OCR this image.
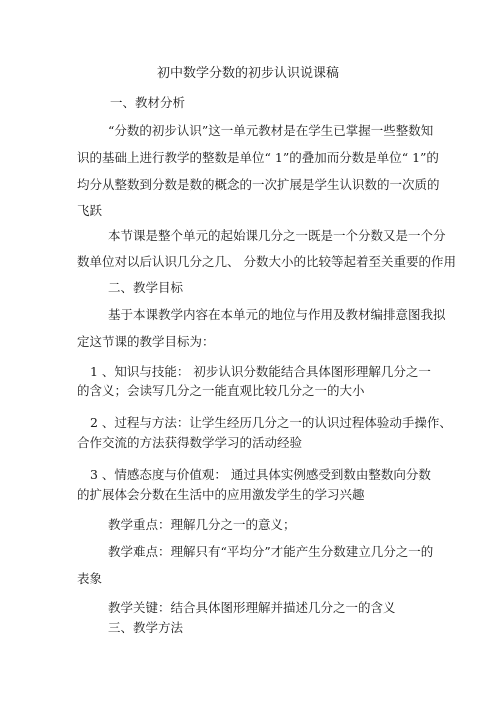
初中数学分数的初步认识说课稿
一、教材分析
“分数的初步认识”这一单元教材是在学生已掌握一些整数知
识的基础上进行教学的整数是单位“ 1”的叠加而分数是单位“ 1”的
均分从整数到分数是数的概念的一次扩展是学生认识数的一次质的
飞跃
本节课是整个单元的起始课几分之一既是一个分数又是一个分
数单位对以后认识几分之几、 分数大小的比较等起着至关重要的作用
二、教学目标
基于本课教学内容在本单元的地位与作用及教材编排意图我拟
定这节课的教学目标为：
1 、知识与技能： 初步认识分数能结合具体图形理解几分之一
的含义；会读写几分之一能直观比较几分之一的大小
2 、过程与方法：让学生经历几分之一的认识过程体验动手操作、
合作交流的方法获得数学学习的活动经验
3 、情感态度与价值观： 通过具体实例感受到数由整数向分数
的扩展体会分数在生活中的应用激发学生的学习兴趣
教学重点：理解几分之一的意义；
教学难点：理解只有“平均分”才能产生分数建立几分之一的
表象
教学关键：结合具体图形理解并描述几分之一的含义
三、教学方法
